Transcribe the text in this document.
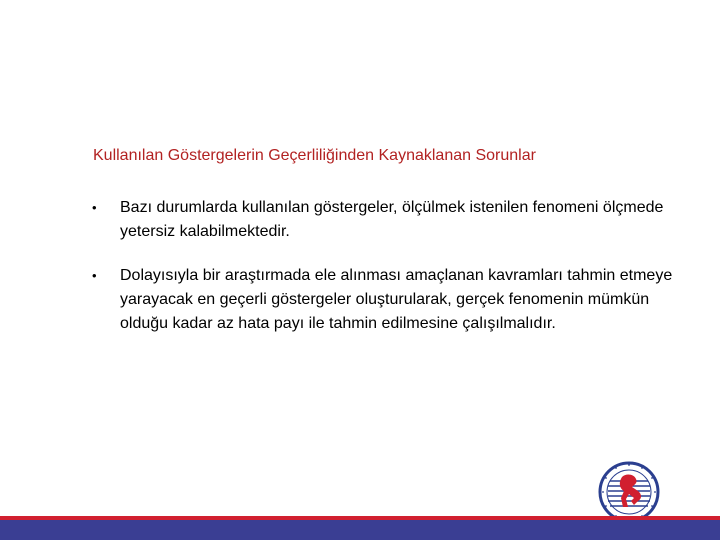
Kullanılan Göstergelerin Geçerliliğinden Kaynaklanan Sorunlar
• Bazı durumlarda kullanılan göstergeler, ölçülmek istenilen fenomeni ölçmede yetersiz kalabilmektedir.
• Dolayısıyla bir araştırmada ele alınması amaçlanan kavramları tahmin etmeye yarayacak en geçerli göstergeler oluşturularak, gerçek fenomenin mümkün olduğu kadar az hata payı ile tahmin edilmesine çalışılmalıdır.
